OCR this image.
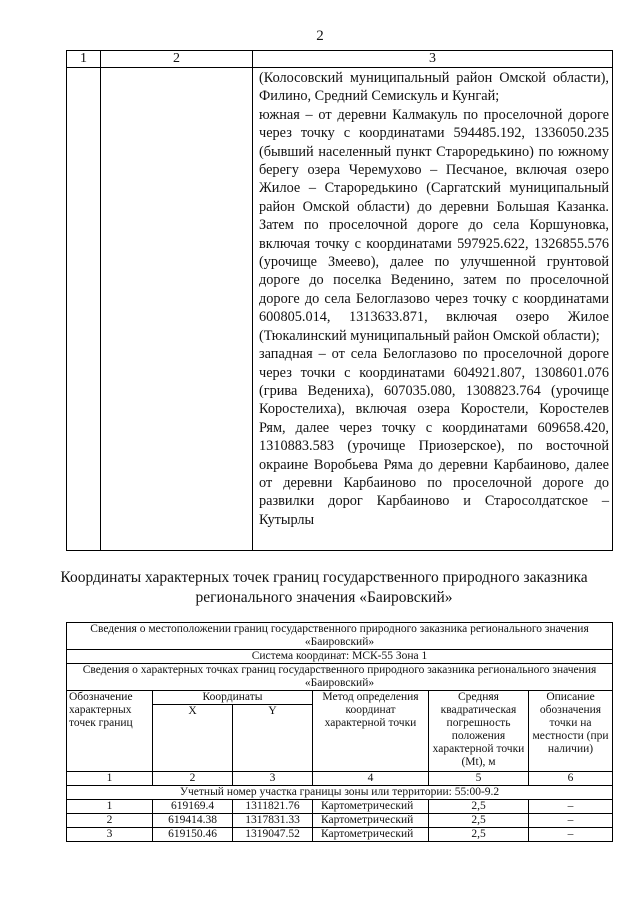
2
1	2	3

		(Колосовский муниципальный район Омской области), Филино, Средний Семискуль и Кунгай;

южная – от деревни Калмакуль по проселочной дороге через точку с координатами 594485.192, 1336050.235 (бывший населенный пункт Староредькино) по южному берегу озера Черемухово – Песчаное, включая озеро Жилое – Староредькино (Саргатский муниципальный район Омской области) до деревни Большая Казанка. Затем по проселочной дороге до села Коршуновка, включая точку с координатами 597925.622, 1326855.576 (урочище Змеево), далее по улучшенной грунтовой дороге до поселка Веденино, затем по проселочной дороге до села Белоглазово через точку с координатами 600805.014, 1313633.871, включая озеро Жилое (Тюкалинский муниципальный район Омской области);

западная – от села Белоглазово по проселочной дороге через точки с координатами 604921.807, 1308601.076 (грива Ведениха), 607035.080, 1308823.764 (урочище Коростелиха), включая озера Коростели, Коростелев Рям, далее через точку с координатами 609658.420, 1310883.583 (урочище Приозерское), по восточной окраине Воробьева Ряма до деревни Карбаиново, далее от деревни Карбаиново по проселочной дороге до развилки дорог Карбаиново и Старосолдатское – Кутырлы

Координаты характерных точек границ государственного природного заказника регионального значения «Баировский»
Сведения о местоположении границ государственного природного заказника регионального значения «Баировский»					
Система координат: МСК-55 Зона 1					
Сведения о характерных точках границ государственного природного заказника регионального значения «Баировский»					
Обозначение характерных точек границ	Координаты		Метод определения координат характерной точки	Средняя квадратическая погрешность положения характерной точки (Mt), м	Описание обозначения точки на местности (при наличии)
	X	Y			
1	2	3	4	5	6
Учетный номер участка границы зоны или территории: 55:00-9.2					
1	619169.4	1311821.76	Картометрический	2,5	–
2	619414.38	1317831.33	Картометрический	2,5	–
3	619150.46	1319047.52	Картометрический	2,5	–
